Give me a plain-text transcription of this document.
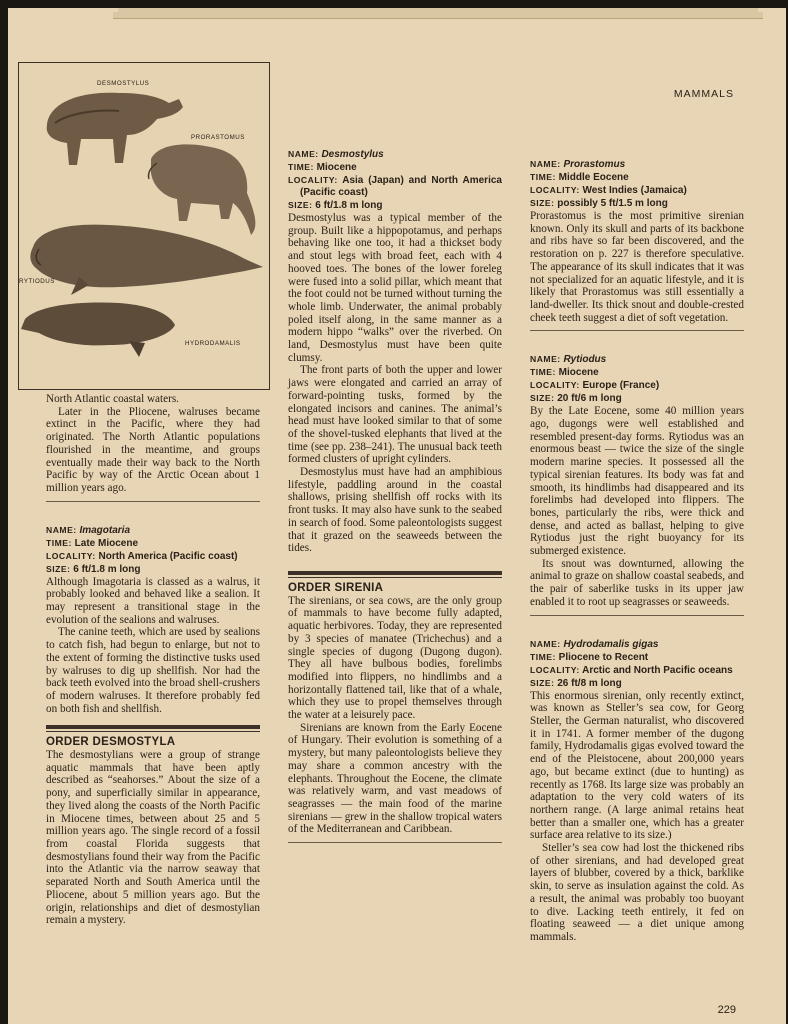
MAMMALS
DESMOSTYLUS
PRORASTOMUS
RYTIODUS
HYDRODAMALIS

North Atlantic coastal waters.

Later in the Pliocene, walruses became extinct in the Pacific, where they had originated. The North Atlantic populations flourished in the meantime, and groups eventually made their way back to the North Pacific by way of the Arctic Ocean about 1 million years ago.

NAME: Imagotaria

TIME: Late Miocene

LOCALITY: North America (Pacific coast)

SIZE: 6 ft/1.8 m long

Although Imagotaria is classed as a walrus, it probably looked and behaved like a sealion. It may represent a transitional stage in the evolution of the sealions and walruses.

The canine teeth, which are used by sealions to catch fish, had begun to enlarge, but not to the extent of forming the distinctive tusks used by walruses to dig up shellfish. Nor had the back teeth evolved into the broad shell-crushers of modern walruses. It therefore probably fed on both fish and shellfish.

ORDER DESMOSTYLA

The desmostylians were a group of strange aquatic mammals that have been aptly described as “seahorses.” About the size of a pony, and superficially similar in appearance, they lived along the coasts of the North Pacific in Miocene times, between about 25 and 5 million years ago. The single record of a fossil from coastal Florida suggests that desmostylians found their way from the Pacific into the Atlantic via the narrow seaway that separated North and South America until the Pliocene, about 5 million years ago. But the origin, relationships and diet of desmostylian remain a mystery.

NAME: Desmostylus

TIME: Miocene

LOCALITY: Asia (Japan) and North America (Pacific coast)

SIZE: 6 ft/1.8 m long

Desmostylus was a typical member of the group. Built like a hippopotamus, and perhaps behaving like one too, it had a thickset body and stout legs with broad feet, each with 4 hooved toes. The bones of the lower foreleg were fused into a solid pillar, which meant that the foot could not be turned without turning the whole limb. Underwater, the animal probably poled itself along, in the same manner as a modern hippo “walks” over the riverbed. On land, Desmostylus must have been quite clumsy.

The front parts of both the upper and lower jaws were elongated and carried an array of forward-pointing tusks, formed by the elongated incisors and canines. The animal’s head must have looked similar to that of some of the shovel-tusked elephants that lived at the time (see pp. 238–241). The unusual back teeth formed clusters of upright cylinders.

Desmostylus must have had an amphibious lifestyle, paddling around in the coastal shallows, prising shellfish off rocks with its front tusks. It may also have sunk to the seabed in search of food. Some paleontologists suggest that it grazed on the seaweeds between the tides.

ORDER SIRENIA

The sirenians, or sea cows, are the only group of mammals to have become fully adapted, aquatic herbivores. Today, they are represented by 3 species of manatee (Trichechus) and a single species of dugong (Dugong dugon). They all have bulbous bodies, forelimbs modified into flippers, no hindlimbs and a horizontally flattened tail, like that of a whale, which they use to propel themselves through the water at a leisurely pace.

Sirenians are known from the Early Eocene of Hungary. Their evolution is something of a mystery, but many paleontologists believe they may share a common ancestry with the elephants. Throughout the Eocene, the climate was relatively warm, and vast meadows of seagrasses — the main food of the marine sirenians — grew in the shallow tropical waters of the Mediterranean and Caribbean.

NAME: Prorastomus

TIME: Middle Eocene

LOCALITY: West Indies (Jamaica)

SIZE: possibly 5 ft/1.5 m long

Prorastomus is the most primitive sirenian known. Only its skull and parts of its backbone and ribs have so far been discovered, and the restoration on p. 227 is therefore speculative. The appearance of its skull indicates that it was not specialized for an aquatic lifestyle, and it is likely that Prorastomus was still essentially a land-dweller. Its thick snout and double-crested cheek teeth suggest a diet of soft vegetation.

NAME: Rytiodus

TIME: Miocene

LOCALITY: Europe (France)

SIZE: 20 ft/6 m long

By the Late Eocene, some 40 million years ago, dugongs were well established and resembled present-day forms. Rytiodus was an enormous beast — twice the size of the single modern marine species. It possessed all the typical sirenian features. Its body was fat and smooth, its hindlimbs had disappeared and its forelimbs had developed into flippers. The bones, particularly the ribs, were thick and dense, and acted as ballast, helping to give Rytiodus just the right buoyancy for its submerged existence.

Its snout was downturned, allowing the animal to graze on shallow coastal seabeds, and the pair of saberlike tusks in its upper jaw enabled it to root up seagrasses or seaweeds.

NAME: Hydrodamalis gigas

TIME: Pliocene to Recent

LOCALITY: Arctic and North Pacific oceans

SIZE: 26 ft/8 m long

This enormous sirenian, only recently extinct, was known as Steller’s sea cow, for Georg Steller, the German naturalist, who discovered it in 1741. A former member of the dugong family, Hydrodamalis gigas evolved toward the end of the Pleistocene, about 200,000 years ago, but became extinct (due to hunting) as recently as 1768. Its large size was probably an adaptation to the very cold waters of its northern range. (A large animal retains heat better than a smaller one, which has a greater surface area relative to its size.)

Steller’s sea cow had lost the thickened ribs of other sirenians, and had developed great layers of blubber, covered by a thick, barklike skin, to serve as insulation against the cold. As a result, the animal was probably too buoyant to dive. Lacking teeth entirely, it fed on floating seaweed — a diet unique among mammals.

229
